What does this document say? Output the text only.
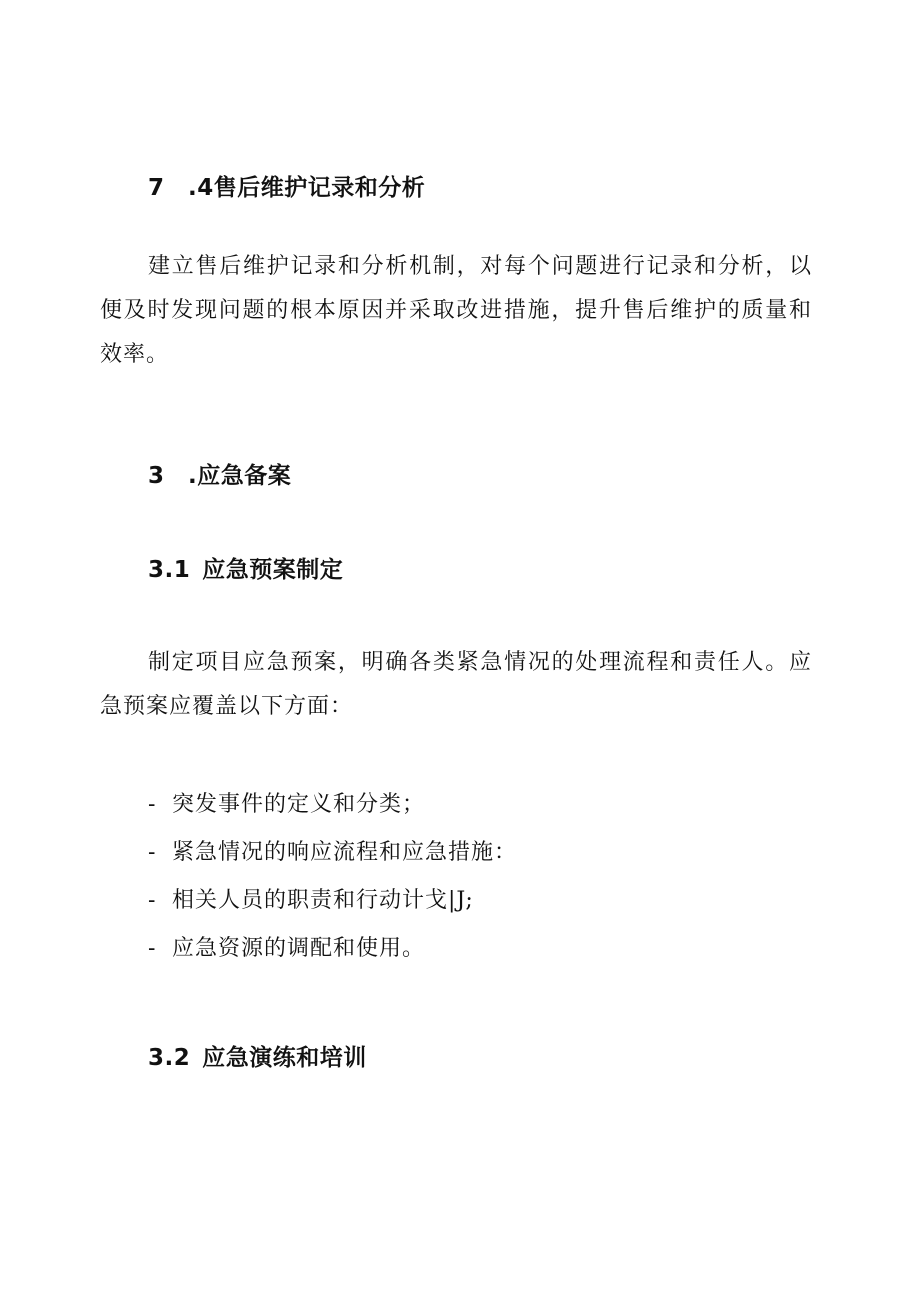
7 .4售后维护记录和分析

建立售后维护记录和分析机制，对每个问题进行记录和分析，以便及时发现问题的根本原因并采取改进措施，提升售后维护的质量和效率。

3 .应急备案
3.1 应急预案制定

制定项目应急预案，明确各类紧急情况的处理流程和责任人。应急预案应覆盖以下方面：

- 突发事件的定义和分类；
- 紧急情况的响应流程和应急措施：
- 相关人员的职责和行动计戈|J;
- 应急资源的调配和使用。
3.2 应急演练和培训
